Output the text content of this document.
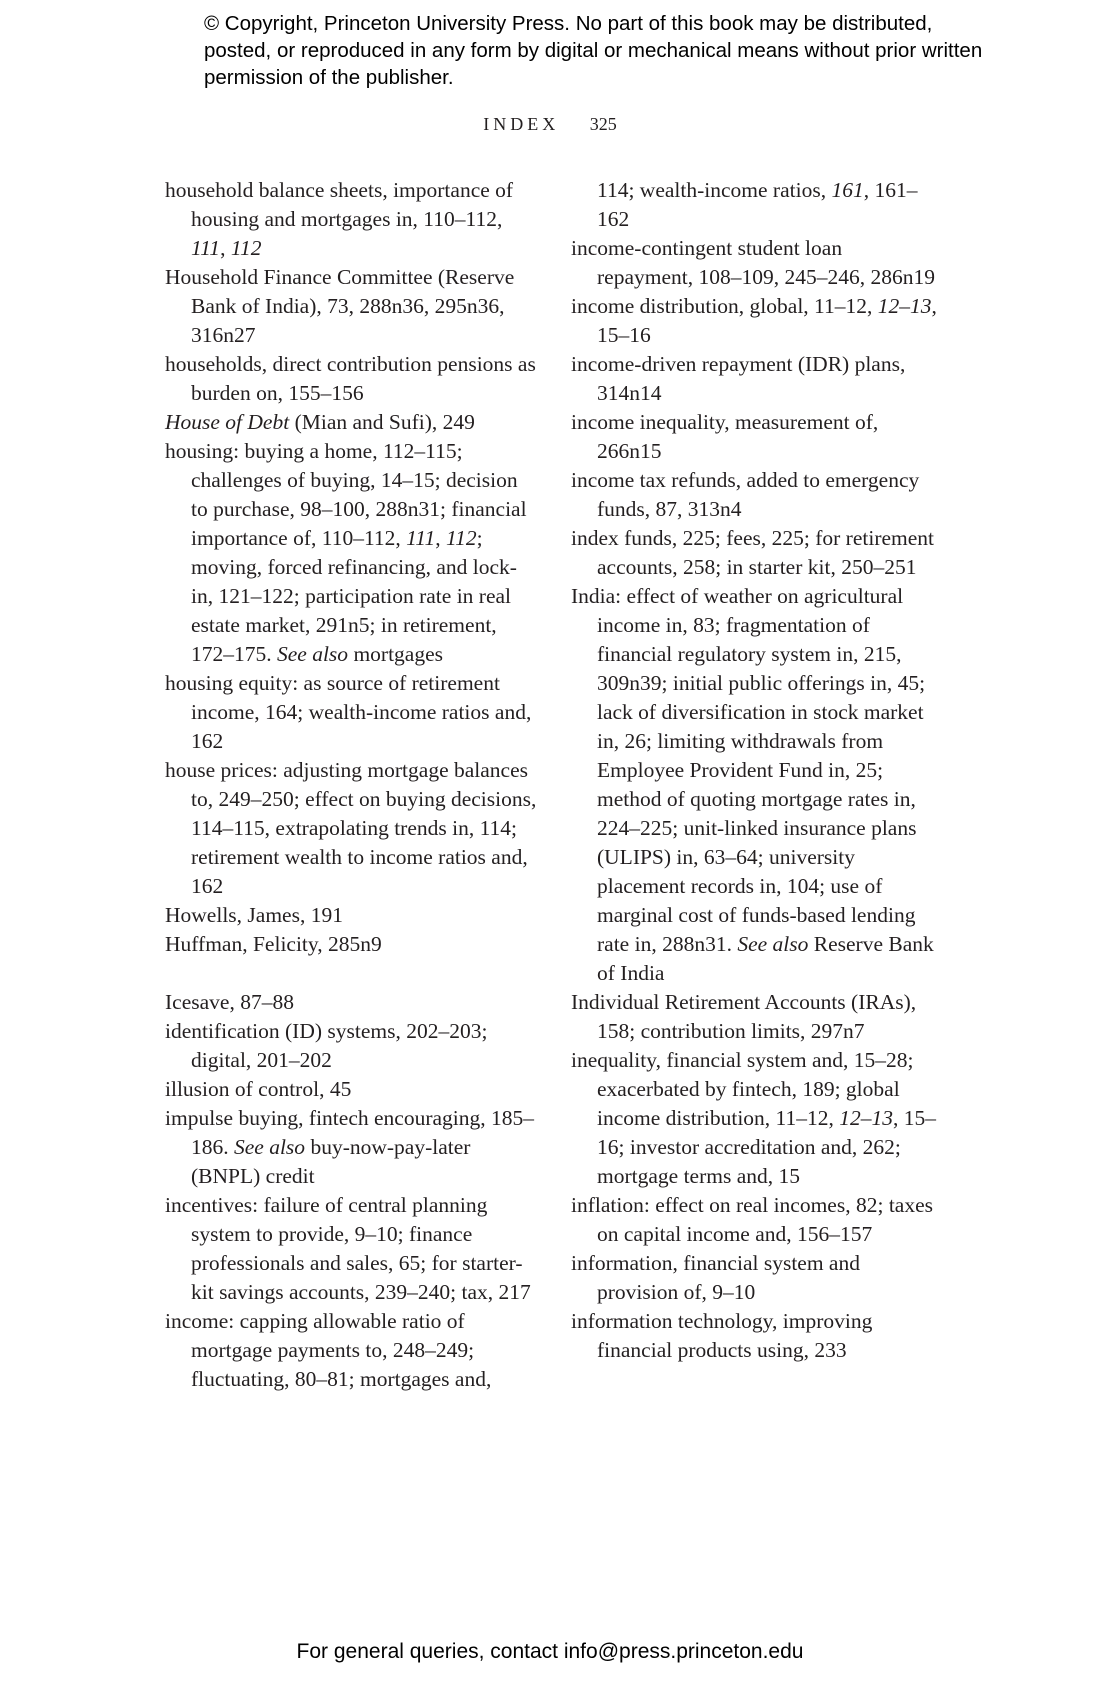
© Copyright, Princeton University Press. No part of this book may be distributed, posted, or reproduced in any form by digital or mechanical means without prior written permission of the publisher.
INDEX 325
household balance sheets, importance of housing and mortgages in, 110–112, 111, 112
Household Finance Committee (Reserve Bank of India), 73, 288n36, 295n36, 316n27
households, direct contribution pensions as burden on, 155–156
House of Debt (Mian and Sufi), 249
housing: buying a home, 112–115; challenges of buying, 14–15; decision to purchase, 98–100, 288n31; financial importance of, 110–112, 111, 112; moving, forced refinancing, and lock-in, 121–122; participation rate in real estate market, 291n5; in retirement, 172–175. See also mortgages
housing equity: as source of retirement income, 164; wealth-income ratios and, 162
house prices: adjusting mortgage balances to, 249–250; effect on buying decisions, 114–115, extrapolating trends in, 114; retirement wealth to income ratios and, 162
Howells, James, 191
Huffman, Felicity, 285n9
Icesave, 87–88
identification (ID) systems, 202–203; digital, 201–202
illusion of control, 45
impulse buying, fintech encouraging, 185–186. See also buy-now-pay-later (BNPL) credit
incentives: failure of central planning system to provide, 9–10; finance professionals and sales, 65; for starter-kit savings accounts, 239–240; tax, 217
income: capping allowable ratio of mortgage payments to, 248–249; fluctuating, 80–81; mortgages and,
114; wealth-income ratios, 161, 161–162
income-contingent student loan repayment, 108–109, 245–246, 286n19
income distribution, global, 11–12, 12–13, 15–16
income-driven repayment (IDR) plans, 314n14
income inequality, measurement of, 266n15
income tax refunds, added to emergency funds, 87, 313n4
index funds, 225; fees, 225; for retirement accounts, 258; in starter kit, 250–251
India: effect of weather on agricultural income in, 83; fragmentation of financial regulatory system in, 215, 309n39; initial public offerings in, 45; lack of diversification in stock market in, 26; limiting withdrawals from Employee Provident Fund in, 25; method of quoting mortgage rates in, 224–225; unit-linked insurance plans (ULIPS) in, 63–64; university placement records in, 104; use of marginal cost of funds-based lending rate in, 288n31. See also Reserve Bank of India
Individual Retirement Accounts (IRAs), 158; contribution limits, 297n7
inequality, financial system and, 15–28; exacerbated by fintech, 189; global income distribution, 11–12, 12–13, 15–16; investor accreditation and, 262; mortgage terms and, 15
inflation: effect on real incomes, 82; taxes on capital income and, 156–157
information, financial system and provision of, 9–10
information technology, improving financial products using, 233
For general queries, contact info@press.princeton.edu
